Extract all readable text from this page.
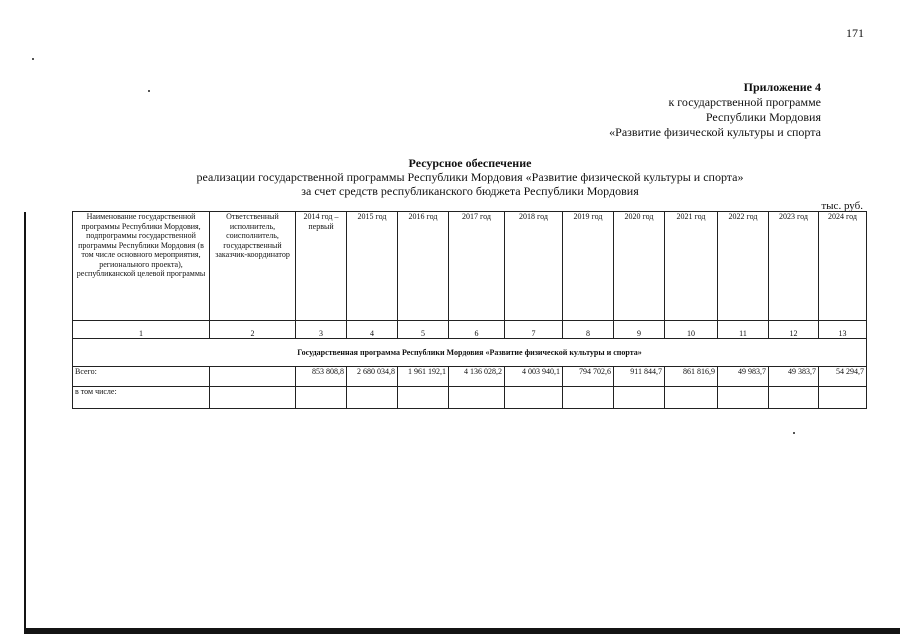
171
Приложение 4
к государственной программе
Республики Мордовия
«Развитие физической культуры и спорта
Ресурсное обеспечение
реализации государственной программы Республики Мордовия «Развитие физической культуры и спорта»
за счет средств республиканского бюджета Республики Мордовия
тыс. руб.
Наименование государственной программы Республики Мордовия, подпрограммы государственной программы Республики Мордовия (в том числе основного мероприятия, регионального проекта), республиканской целевой программы	Ответственный исполнитель, соисполнитель, государственный заказчик-координатор	2014 год – первый	2015 год	2016 год	2017 год	2018 год	2019 год	2020 год	2021 год	2022 год	2023 год	2024 год
1	2	3	4	5	6	7	8	9	10	11	12	13
Государственная программа Республики Мордовия «Развитие физической культуры и спорта»												
Всего:		853 808,8	2 680 034,8	1 961 192,1	4 136 028,2	4 003 940,1	794 702,6	911 844,7	861 816,9	49 983,7	49 383,7	54 294,7
в том числе:												
